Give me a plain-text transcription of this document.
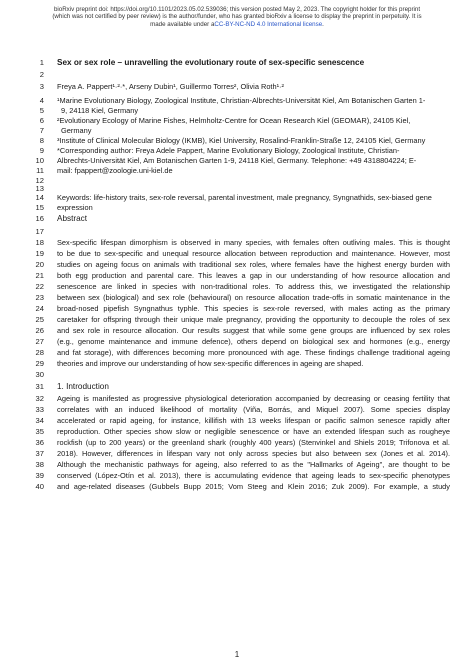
bioRxiv preprint doi: https://doi.org/10.1101/2023.05.02.539036; this version posted May 2, 2023. The copyright holder for this preprint
(which was not certified by peer review) is the author/funder, who has granted bioRxiv a license to display the preprint in perpetuity. It is
made available under aCC-BY-NC-ND 4.0 International license.
1 Sex or sex role – unravelling the evolutionary route of sex-specific senescence
2
3 Freya A. Pappert¹·²·*, Arseny Dubin¹, Guillermo Torres², Olivia Roth¹·²
4 ¹Marine Evolutionary Biology, Zoological Institute, Christian-Albrechts-Universität Kiel, Am Botanischen Garten 1-
5 9, 24118 Kiel, Germany
6 ²Evolutionary Ecology of Marine Fishes, Helmholtz-Centre for Ocean Research Kiel (GEOMAR), 24105 Kiel,
7 Germany
8 ³Institute of Clinical Molecular Biology (IKMB), Kiel University, Rosalind-Franklin-Straße 12, 24105 Kiel, Germany
9 *Corresponding author: Freya Adele Pappert, Marine Evolutionary Biology, Zoological Institute, Christian-
10 Albrechts-Universität Kiel, Am Botanischen Garten 1-9, 24118 Kiel, Germany. Telephone: +49 4318804224; E-
11 mail: fpappert@zoologie.uni-kiel.de
12
13
14 Keywords: life-history traits, sex-role reversal, parental investment, male pregnancy, Syngnathids, sex-biased gene
15 expression
16 Abstract
17
18 Sex-specific lifespan dimorphism is observed in many species, with females often outliving males. This is thought
19 to be due to sex-specific and unequal resource allocation between reproduction and maintenance. However, most
20 studies on ageing focus on animals with traditional sex roles, where females have the highest energy burden with
21 both egg production and parental care. This leaves a gap in our understanding of how resource allocation and
22 senescence are linked in species with non-traditional roles. To address this, we investigated the relationship
23 between sex (biological) and sex role (behavioural) on resource allocation trade-offs in somatic maintenance in the
24 broad-nosed pipefish Syngnathus typhle. This species is sex-role reversed, with males acting as the primary
25 caretaker for offspring through their unique male pregnancy, providing the opportunity to decouple the roles of sex
26 and sex role in resource allocation. Our results suggest that while some gene groups are influenced by sex roles
27 (e.g., genome maintenance and immune defence), others depend on biological sex and hormones (e.g., energy
28 and fat storage), with differences becoming more pronounced with age. These findings challenge traditional ageing
29 theories and improve our understanding of how sex-specific differences in ageing are shaped.
30
31 1. Introduction
32 Ageing is manifested as progressive physiological deterioration accompanied by decreasing or ceasing fertility that
33 correlates with an induced likelihood of mortality (Viña, Borrás, and Miquel 2007). Some species display
34 accelerated or rapid ageing, for instance, killifish with 13 weeks lifespan or pacific salmon senesce rapidly after
35 reproduction. Other species show slow or negligible senescence or have an extended lifespan such as rougheye
36 rockfish (up to 200 years) or the greenland shark (roughly 400 years) (Stenvinkel and Shiels 2019; Trifonova et al.
37 2018). However, differences in lifespan vary not only across species but also between sex (Jones et al. 2014).
38 Although the mechanistic pathways for ageing, also referred to as the "Hallmarks of Ageing", are thought to be
39 conserved (López-Otín et al. 2013), there is accumulating evidence that ageing leads to sex-specific phenotypes
40 and age-related diseases (Gubbels Bupp 2015; Vom Steeg and Klein 2016; Zuk 2009). For example, a study
1
